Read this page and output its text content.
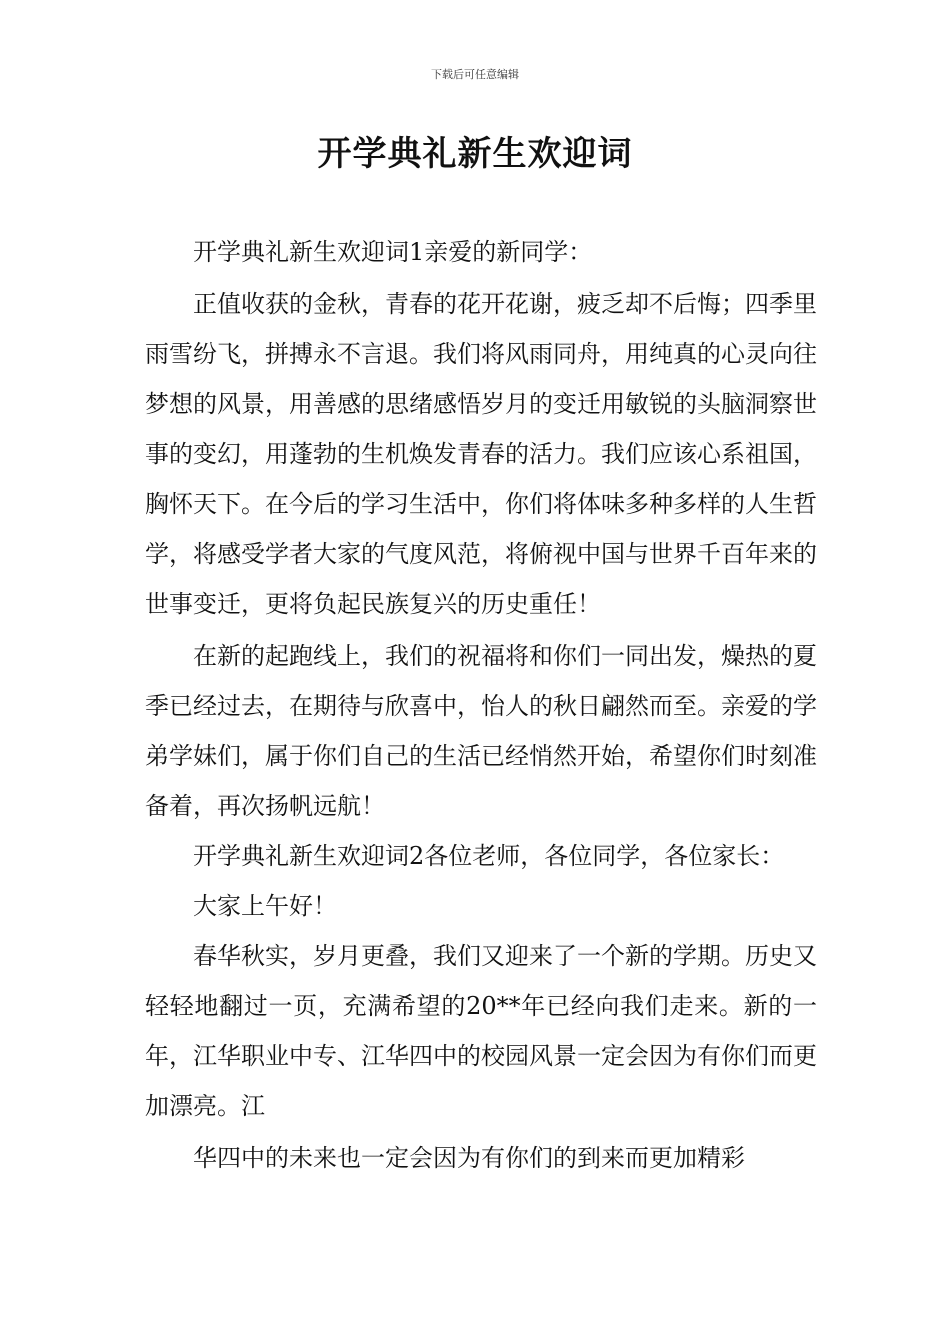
下载后可任意编辑
开学典礼新生欢迎词

开学典礼新生欢迎词1亲爱的新同学：

正值收获的金秋，青春的花开花谢，疲乏却不后悔；四季里雨雪纷飞，拼搏永不言退。我们将风雨同舟，用纯真的心灵向往梦想的风景，用善感的思绪感悟岁月的变迁用敏锐的头脑洞察世事的变幻，用蓬勃的生机焕发青春的活力。我们应该心系祖国，胸怀天下。在今后的学习生活中，你们将体味多种多样的人生哲学，将感受学者大家的气度风范，将俯视中国与世界千百年来的世事变迁，更将负起民族复兴的历史重任！

在新的起跑线上，我们的祝福将和你们一同出发，燥热的夏季已经过去，在期待与欣喜中，怡人的秋日翩然而至。亲爱的学弟学妹们，属于你们自己的生活已经悄然开始，希望你们时刻准备着，再次扬帆远航！

开学典礼新生欢迎词2各位老师，各位同学，各位家长：

大家上午好！

春华秋实，岁月更叠，我们又迎来了一个新的学期。历史又轻轻地翻过一页，充满希望的20**年已经向我们走来。新的一年，江华职业中专、江华四中的校园风景一定会因为有你们而更加漂亮。江

华四中的未来也一定会因为有你们的到来而更加精彩
